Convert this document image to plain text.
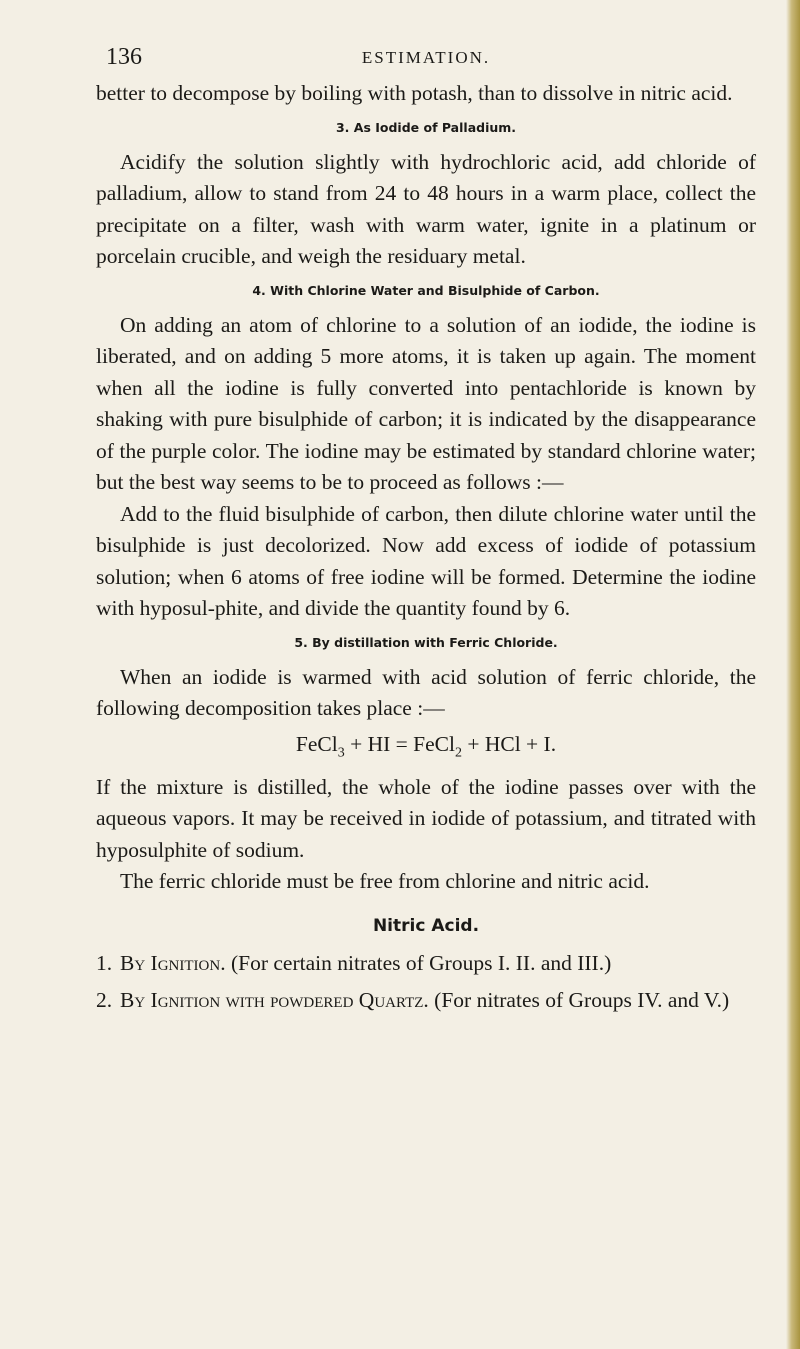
136	ESTIMATION.

better to decompose by boiling with potash, than to dissolve in nitric acid.

3. As Iodide of Palladium.

Acidify the solution slightly with hydrochloric acid, add chloride of palladium, allow to stand from 24 to 48 hours in a warm place, collect the precipitate on a filter, wash with warm water, ignite in a platinum or porcelain crucible, and weigh the residuary metal.

4. With Chlorine Water and Bisulphide of Carbon.

On adding an atom of chlorine to a solution of an iodide, the iodine is liberated, and on adding 5 more atoms, it is taken up again. The moment when all the iodine is fully converted into pentachloride is known by shaking with pure bisulphide of carbon; it is indicated by the disappearance of the purple color. The iodine may be estimated by standard chlorine water; but the best way seems to be to proceed as follows :—

Add to the fluid bisulphide of carbon, then dilute chlorine water until the bisulphide is just decolorized. Now add excess of iodide of potassium solution; when 6 atoms of free iodine will be formed. Determine the iodine with hyposul-phite, and divide the quantity found by 6.

5. By distillation with Ferric Chloride.

When an iodide is warmed with acid solution of ferric chloride, the following decomposition takes place :—

FeCl$_3$ + HI = FeCl$_2$ + HCl + I.

If the mixture is distilled, the whole of the iodine passes over with the aqueous vapors. It may be received in iodide of potassium, and titrated with hyposulphite of sodium.

The ferric chloride must be free from chlorine and nitric acid.

Nitric Acid.
1. By Ignition. (For certain nitrates of Groups I. II. and III.)
2. By Ignition with powdered Quartz. (For nitrates of Groups IV. and V.)
